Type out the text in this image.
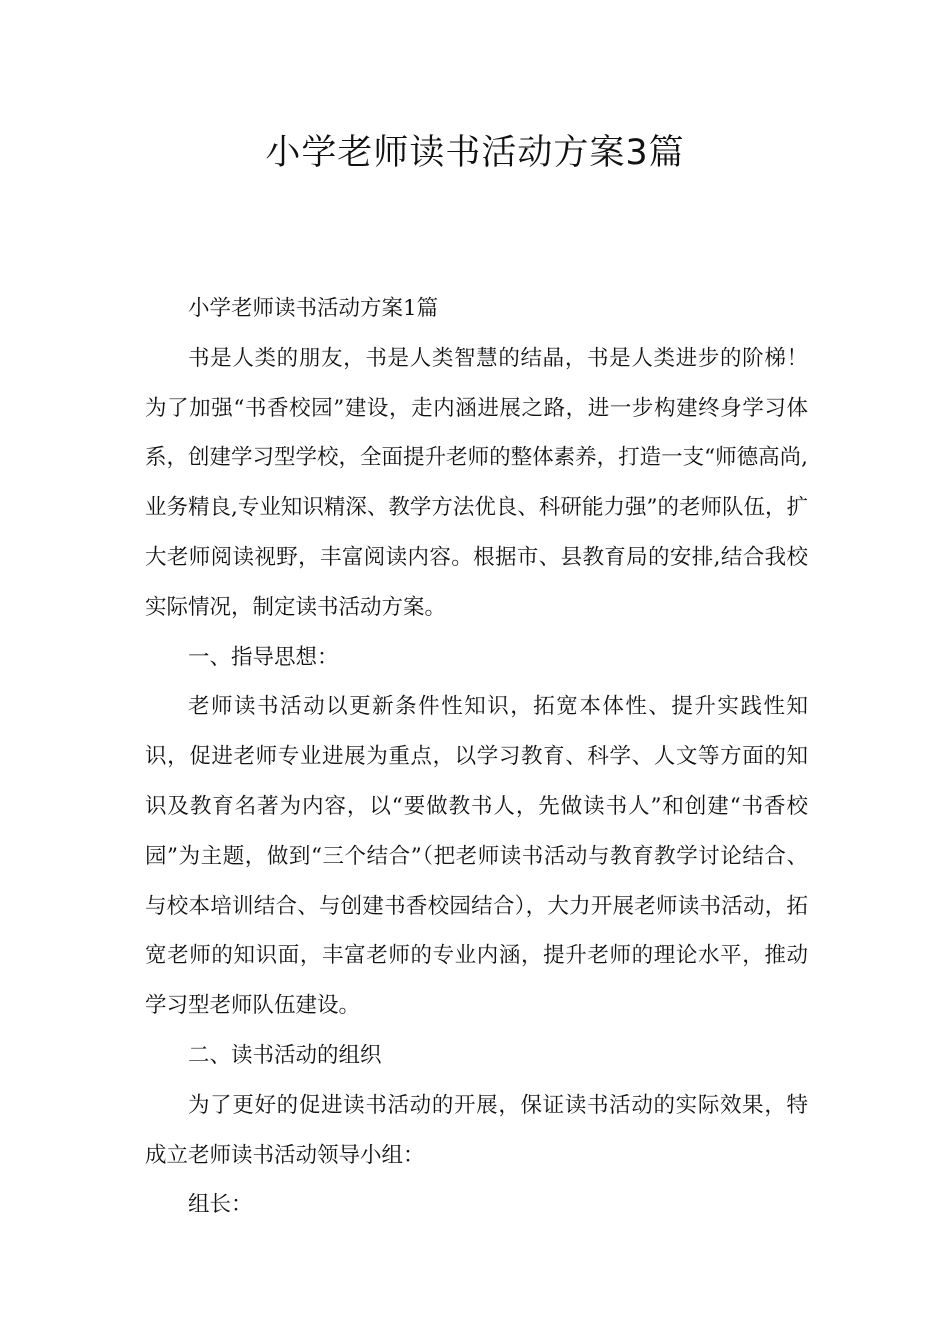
小学老师读书活动方案3篇

小学老师读书活动方案1篇

书是人类的朋友，书是人类智慧的结晶，书是人类进步的阶梯！为了加强“书香校园”建设，走内涵进展之路，进一步构建终身学习体系，创建学习型学校，全面提升老师的整体素养，打造一支“师德高尚,业务精良,专业知识精深、教学方法优良、科研能力强”的老师队伍，扩大老师阅读视野，丰富阅读内容。根据市、县教育局的安排,结合我校实际情况，制定读书活动方案。

一、指导思想：

老师读书活动以更新条件性知识，拓宽本体性、提升实践性知识，促进老师专业进展为重点，以学习教育、科学、人文等方面的知识及教育名著为内容，以“要做教书人，先做读书人”和创建“书香校园”为主题，做到“三个结合”（把老师读书活动与教育教学讨论结合、与校本培训结合、与创建书香校园结合），大力开展老师读书活动，拓宽老师的知识面，丰富老师的专业内涵，提升老师的理论水平，推动学习型老师队伍建设。

二、读书活动的组织

为了更好的促进读书活动的开展，保证读书活动的实际效果，特成立老师读书活动领导小组：

组长：
